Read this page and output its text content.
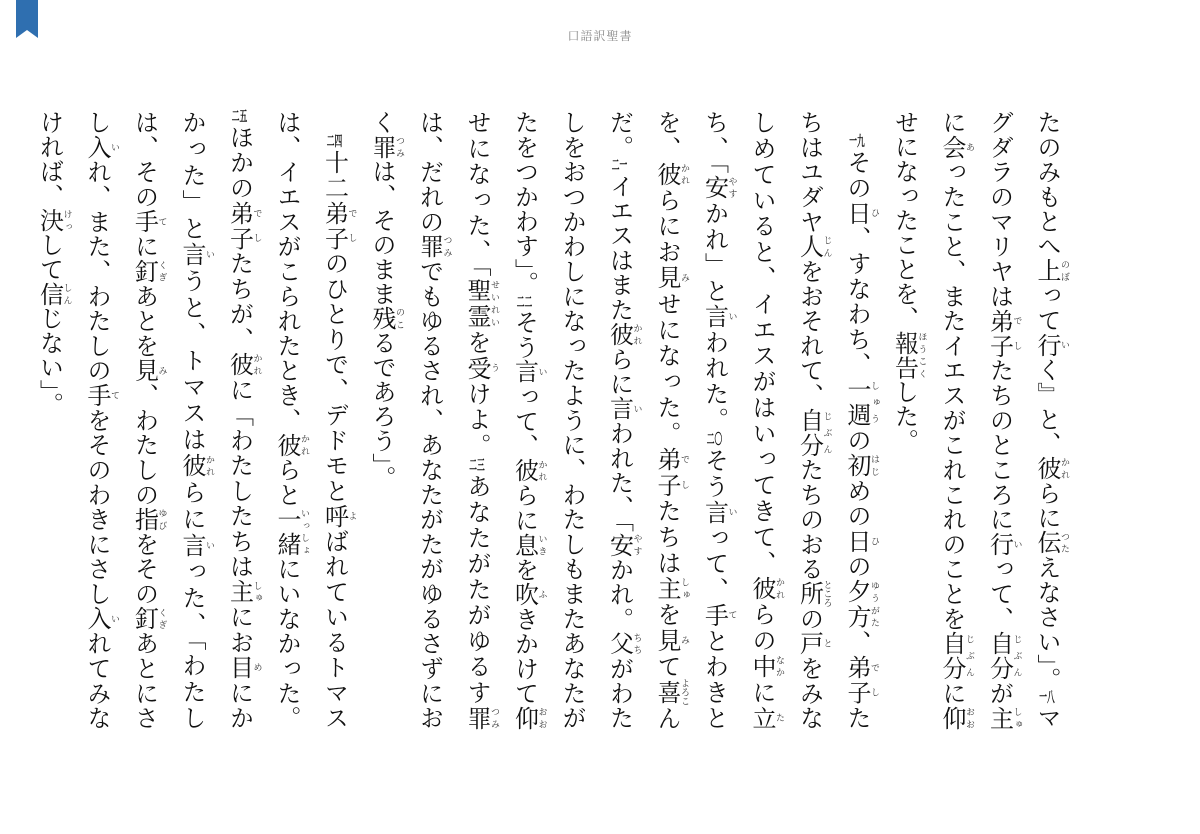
口語訳聖書

たのみもとへ上のぼって行いく』と、彼かれらに伝つたえなさい」。一八マグダラのマリヤは弟子でしたちのところに行いって、自分じぶんが主しゅに会あったこと、またイエスがこれこれのことを自分じぶんに仰おおせになったことを、報告ほうこくした。

　一九その日ひ、すなわち、一週しゅうの初はじめの日ひの夕方ゆうがた、弟子でしたちはユダヤ人じんをおそれて、自分じぶんたちのおる所ところの戸とをみなしめていると、イエスがはいってきて、彼かれらの中なかに立たち、「安やすかれ」と言いわれた。二〇そう言いって、手てとわきとを、彼かれらにお見みせになった。弟子でしたちは主しゅを見みて喜よろこんだ。二一イエスはまた彼かれらに言いわれた、「安やすかれ。父ちちがわたしをおつかわしになったように、わたしもまたあなたがたをつかわす」。二二そう言いって、彼かれらに息いきを吹ふきかけて仰おおせになった、「聖霊せいれいを受うけよ。二三あなたがたがゆるす罪つみは、だれの罪つみでもゆるされ、あなたがたがゆるさずにおく罪つみは、そのまま残のこるであろう」。

　二四十二弟子でしのひとりで、デドモと呼よばれているトマスは、イエスがこられたとき、彼かれらと一緒いっしょにいなかった。二五ほかの弟子でしたちが、彼かれに「わたしたちは主しゅにお目めにかかった」と言いうと、トマスは彼かれらに言いった、「わたしは、その手てに釘くぎあとを見み、わたしの指ゆびをその釘くぎあとにさし入いれ、また、わたしの手てをそのわきにさし入いれてみなければ、決けっして信しんじない」。
